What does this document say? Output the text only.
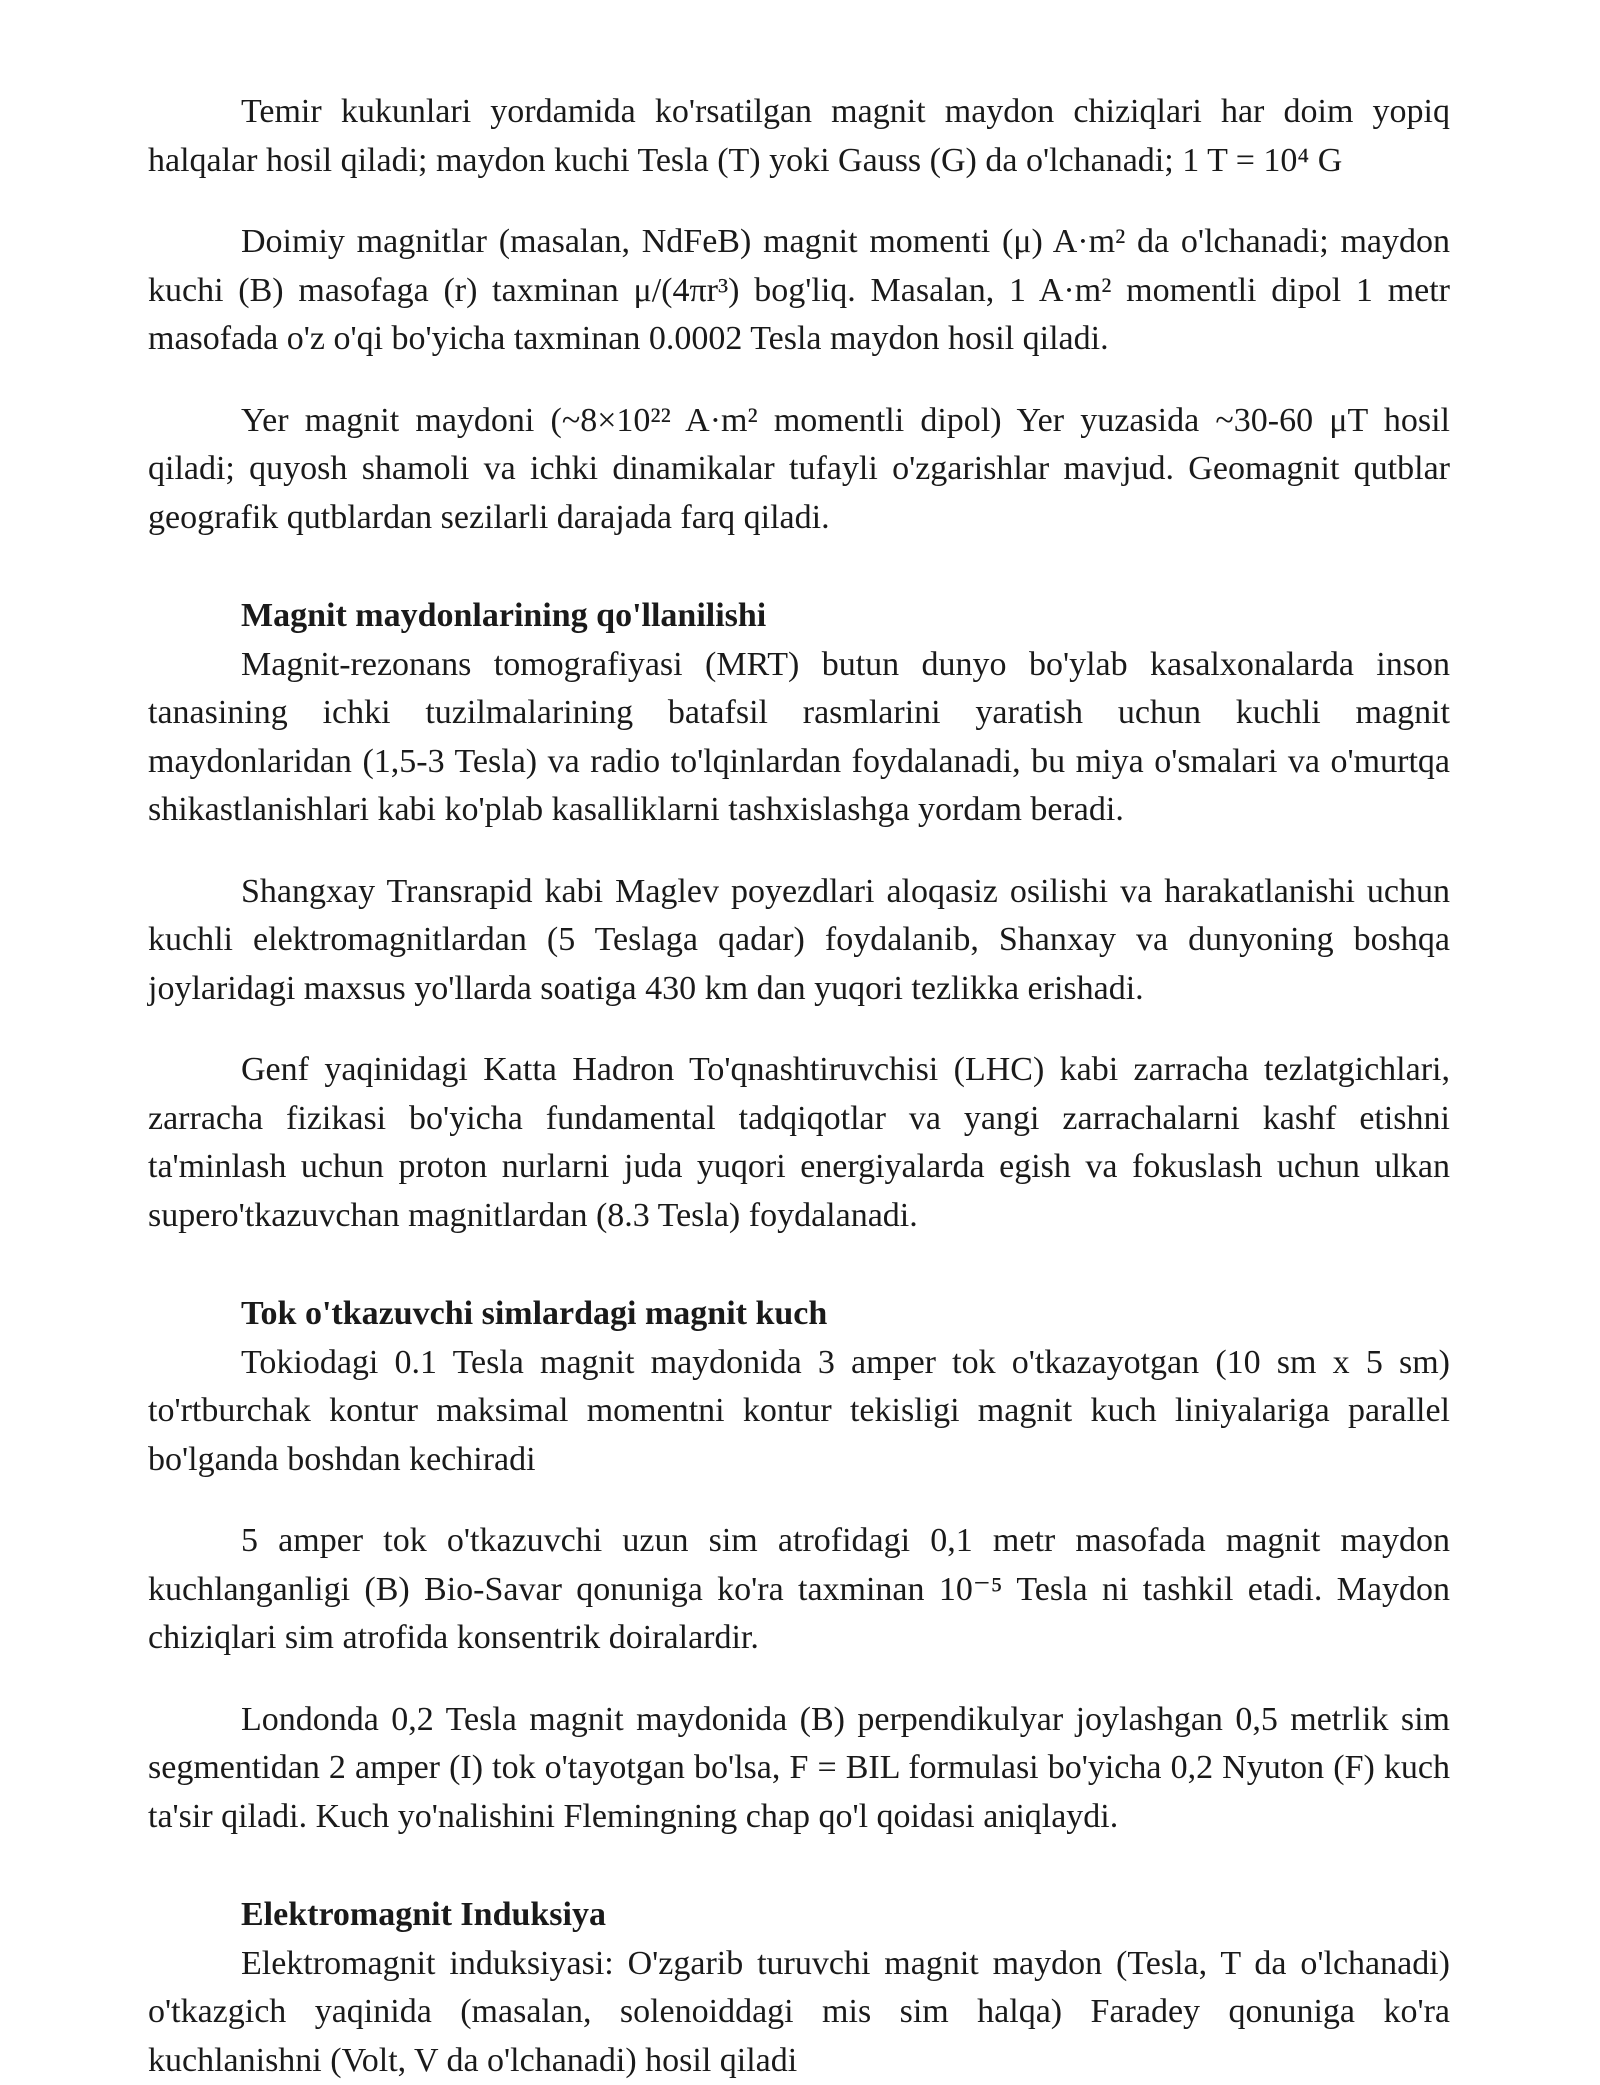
Temir kukunlari yordamida ko'rsatilgan magnit maydon chiziqlari har doim yopiq halqalar hosil qiladi; maydon kuchi Tesla (T) yoki Gauss (G) da o'lchanadi; 1 T = 10⁴ G

Doimiy magnitlar (masalan, NdFeB) magnit momenti (μ) A·m² da o'lchanadi; maydon kuchi (B) masofaga (r) taxminan μ/(4πr³) bog'liq. Masalan, 1 A·m² momentli dipol 1 metr masofada o'z o'qi bo'yicha taxminan 0.0002 Tesla maydon hosil qiladi.

Yer magnit maydoni (~8×10²² A·m² momentli dipol) Yer yuzasida ~30-60 μT hosil qiladi; quyosh shamoli va ichki dinamikalar tufayli o'zgarishlar mavjud. Geomagnit qutblar geografik qutblardan sezilarli darajada farq qiladi.

Magnit maydonlarining qo'llanilishi

Magnit-rezonans tomografiyasi (MRT) butun dunyo bo'ylab kasalxonalarda inson tanasining ichki tuzilmalarining batafsil rasmlarini yaratish uchun kuchli magnit maydonlaridan (1,5-3 Tesla) va radio to'lqinlardan foydalanadi, bu miya o'smalari va o'murtqa shikastlanishlari kabi ko'plab kasalliklarni tashxislashga yordam beradi.

Shangxay Transrapid kabi Maglev poyezdlari aloqasiz osilishi va harakatlanishi uchun kuchli elektromagnitlardan (5 Teslaga qadar) foydalanib, Shanxay va dunyoning boshqa joylaridagi maxsus yo'llarda soatiga 430 km dan yuqori tezlikka erishadi.

Genf yaqinidagi Katta Hadron To'qnashtiruvchisi (LHC) kabi zarracha tezlatgichlari, zarracha fizikasi bo'yicha fundamental tadqiqotlar va yangi zarrachalarni kashf etishni ta'minlash uchun proton nurlarni juda yuqori energiyalarda egish va fokuslash uchun ulkan supero'tkazuvchan magnitlardan (8.3 Tesla) foydalanadi.

Tok o'tkazuvchi simlardagi magnit kuch

Tokiodagi 0.1 Tesla magnit maydonida 3 amper tok o'tkazayotgan (10 sm x 5 sm) to'rtburchak kontur maksimal momentni kontur tekisligi magnit kuch liniyalariga parallel bo'lganda boshdan kechiradi

5 amper tok o'tkazuvchi uzun sim atrofidagi 0,1 metr masofada magnit maydon kuchlanganligi (B) Bio-Savar qonuniga ko'ra taxminan 10⁻⁵ Tesla ni tashkil etadi. Maydon chiziqlari sim atrofida konsentrik doiralardir.

Londonda 0,2 Tesla magnit maydonida (B) perpendikulyar joylashgan 0,5 metrlik sim segmentidan 2 amper (I) tok o'tayotgan bo'lsa, F = BIL formulasi bo'yicha 0,2 Nyuton (F) kuch ta'sir qiladi. Kuch yo'nalishini Flemingning chap qo'l qoidasi aniqlaydi.

Elektromagnit Induksiya

Elektromagnit induksiyasi: O'zgarib turuvchi magnit maydon (Tesla, T da o'lchanadi) o'tkazgich yaqinida (masalan, solenoiddagi mis sim halqa) Faradey qonuniga ko'ra kuchlanishni (Volt, V da o'lchanadi) hosil qiladi
